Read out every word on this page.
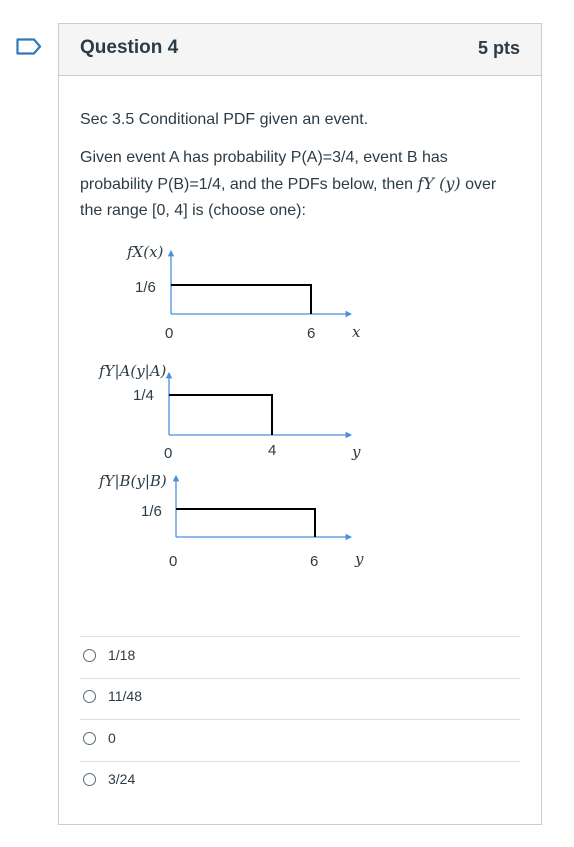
Question 4	5 pts
Sec 3.5 Conditional PDF given an event.
Given event A has probability P(A)=3/4, event B has probability P(B)=1/4, and the PDFs below, then fY (y) over the range [0, 4] is (choose one):
fX(x)
1/6
0	6 x
fY|A(y|A)
1/4
0	4	y
fY|B(y|B)
1/6
0	6 y
1/18
11/48
0
3/24
